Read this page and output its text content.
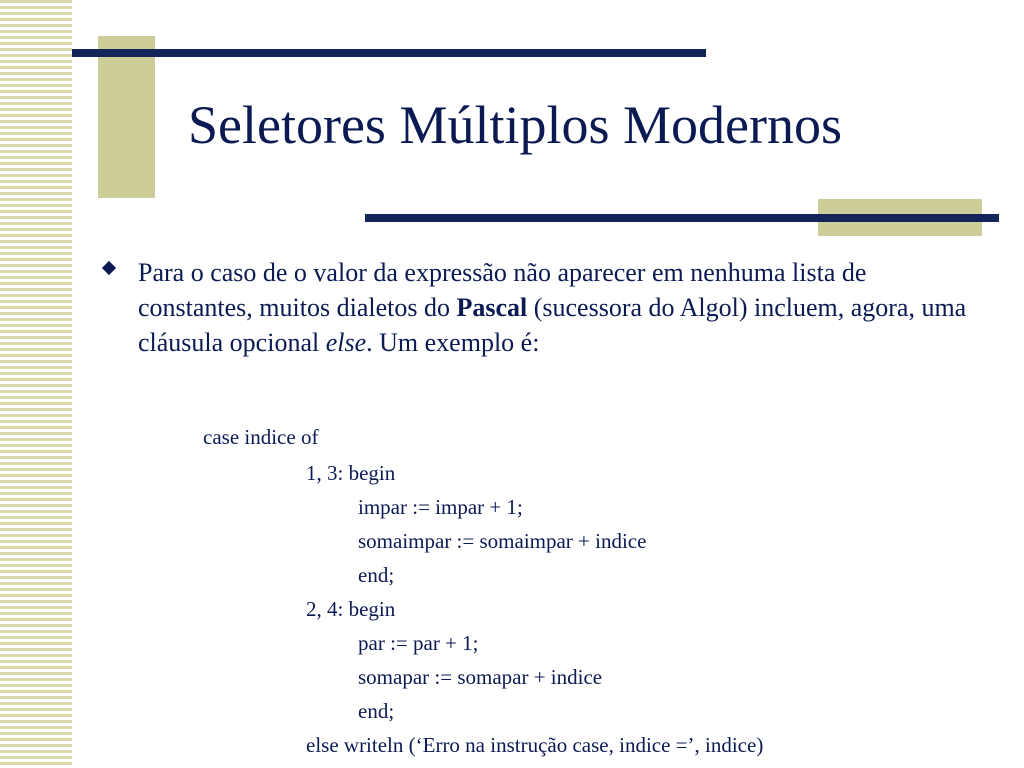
Seletores Múltiplos Modernos
Para o caso de o valor da expressão não aparecer em nenhuma lista de constantes, muitos dialetos do Pascal (sucessora do Algol) incluem, agora, uma cláusula opcional else. Um exemplo é:
case indice of
1, 3: begin
impar := impar + 1;
somaimpar := somaimpar + indice
end;
2, 4: begin
par := par + 1;
somapar := somapar + indice
end;
else writeln (‘Erro na instrução case, indice =’, indice)
